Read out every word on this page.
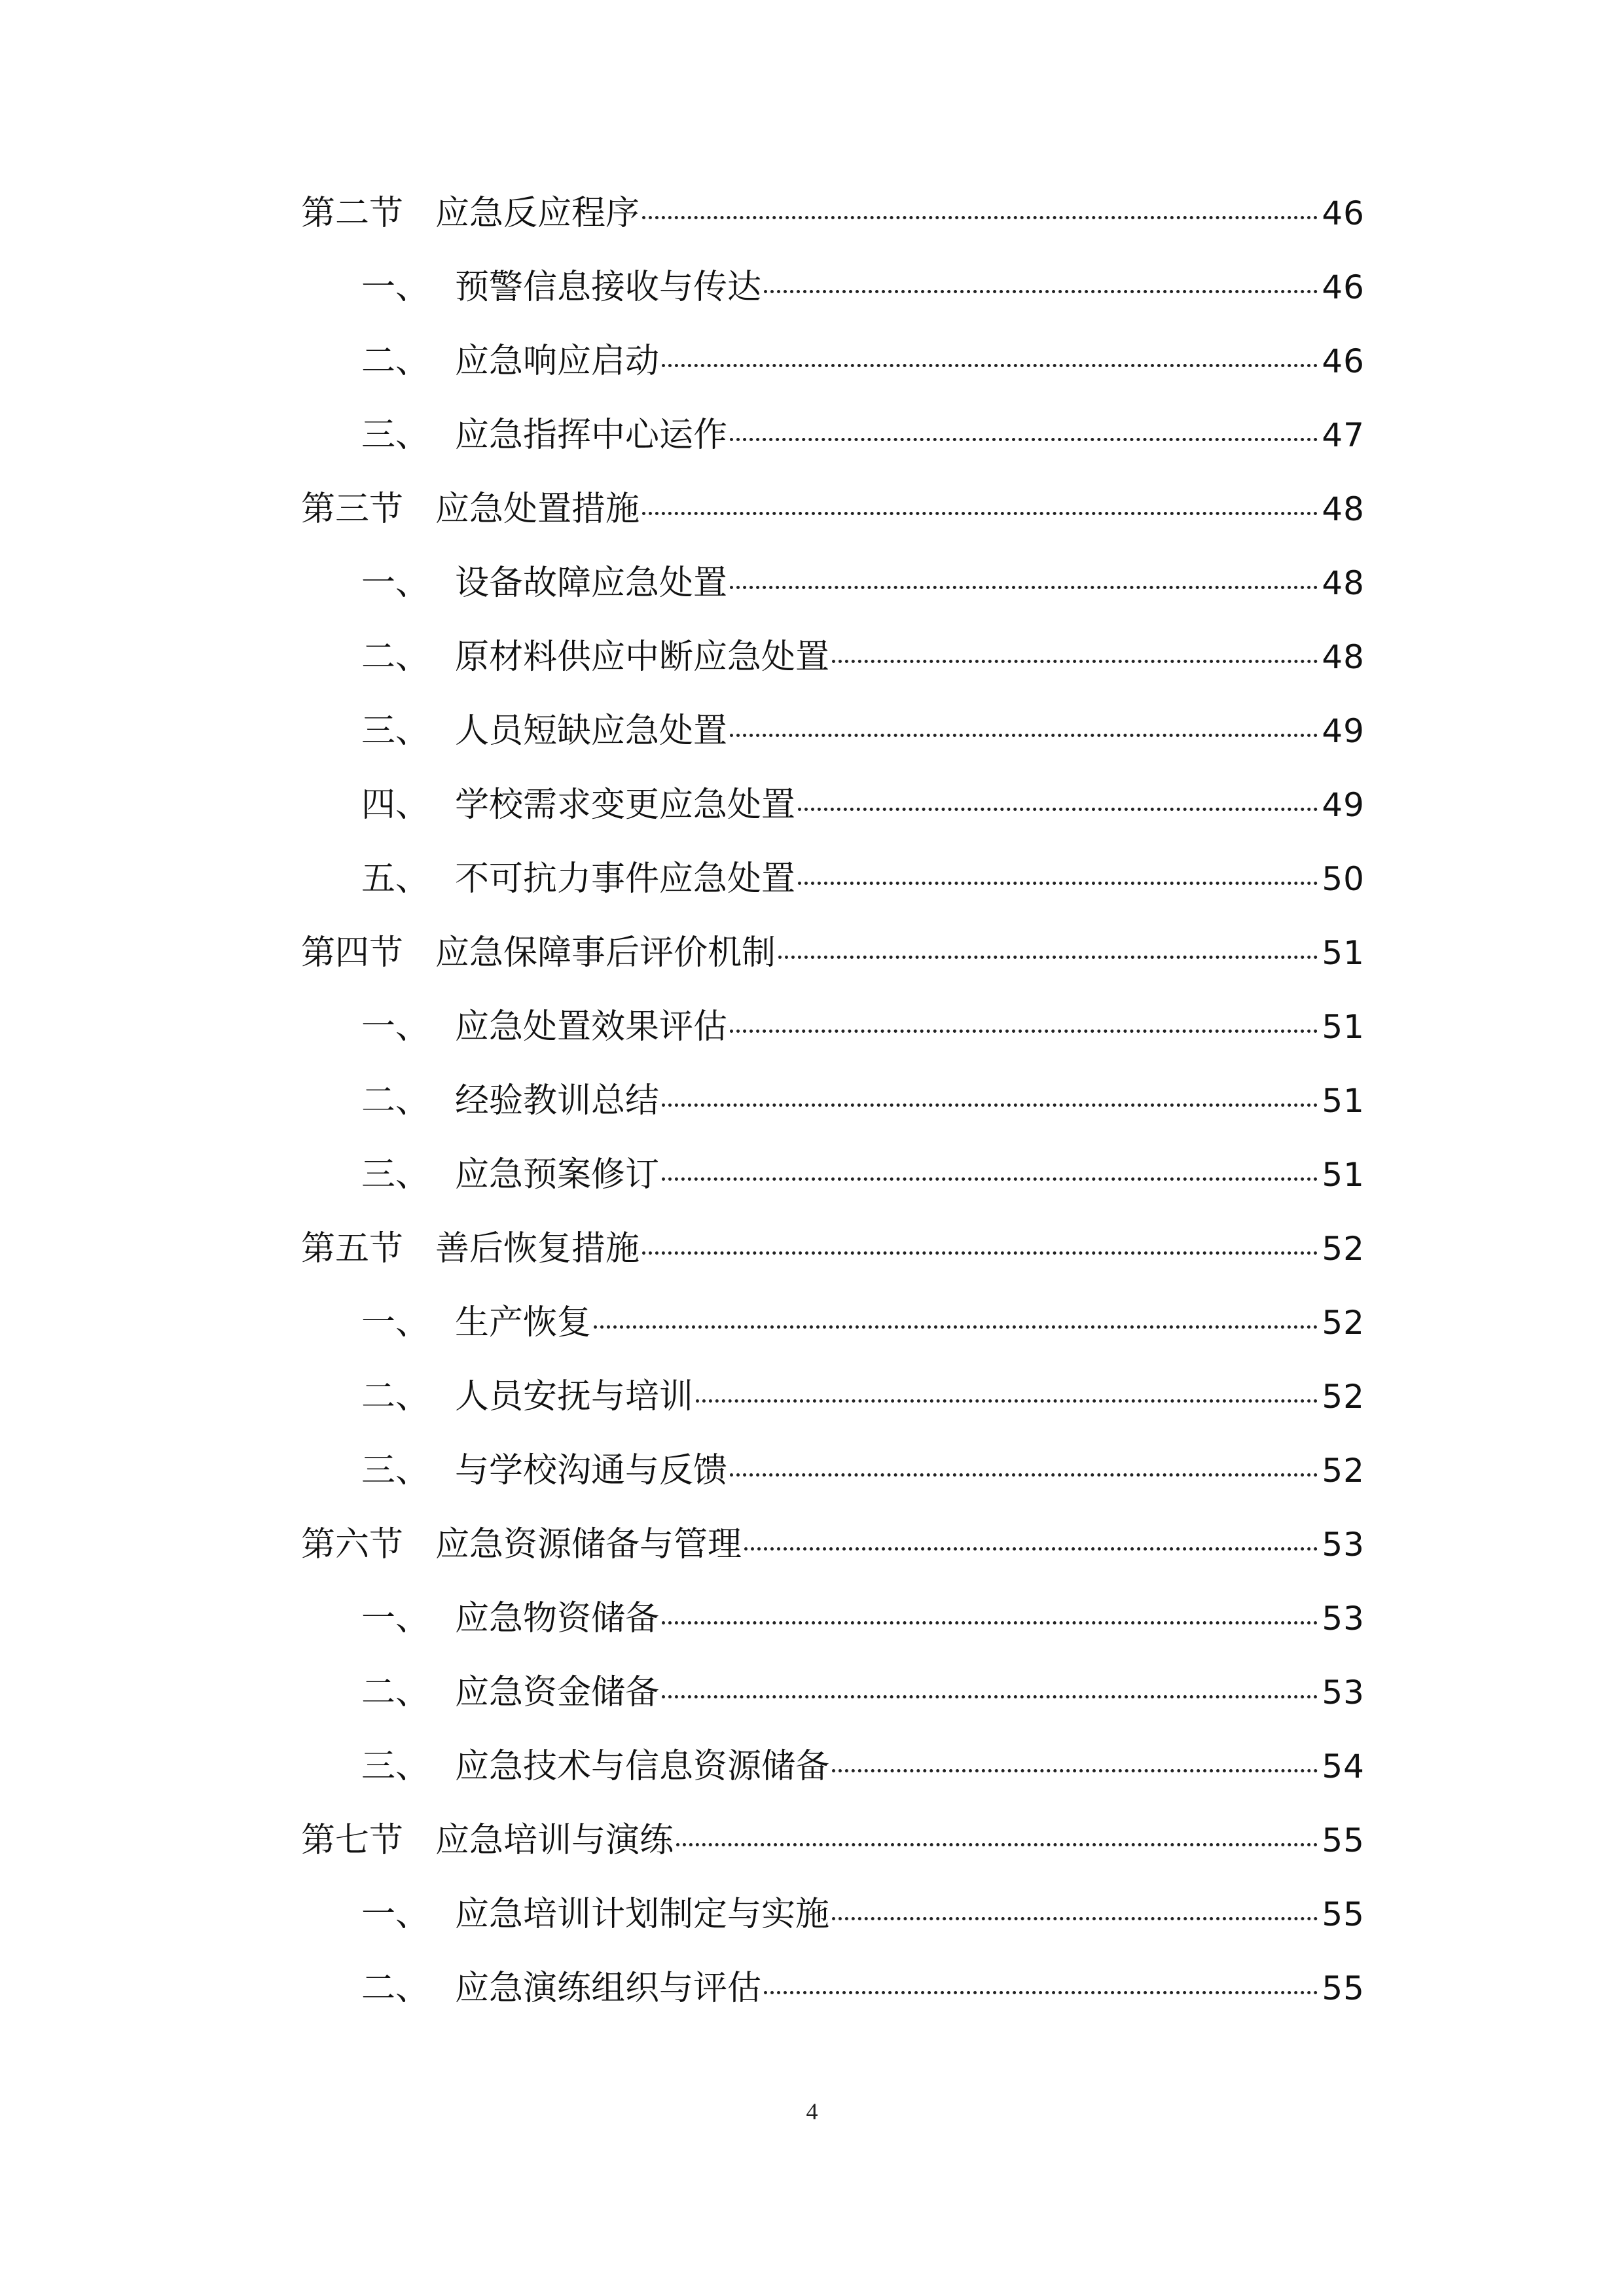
第二节 应急反应程序	46
一、 预警信息接收与传达	46
二、 应急响应启动	46
三、 应急指挥中心运作	47
第三节 应急处置措施	48
一、 设备故障应急处置	48
二、 原材料供应中断应急处置	48
三、 人员短缺应急处置	49
四、 学校需求变更应急处置	49
五、 不可抗力事件应急处置	50
第四节 应急保障事后评价机制	51
一、 应急处置效果评估	51
二、 经验教训总结	51
三、 应急预案修订	51
第五节 善后恢复措施	52
一、 生产恢复	52
二、 人员安抚与培训	52
三、 与学校沟通与反馈	52
第六节 应急资源储备与管理	53
一、 应急物资储备	53
二、 应急资金储备	53
三、 应急技术与信息资源储备	54
第七节 应急培训与演练	55
一、 应急培训计划制定与实施	55
二、 应急演练组织与评估	55
4
